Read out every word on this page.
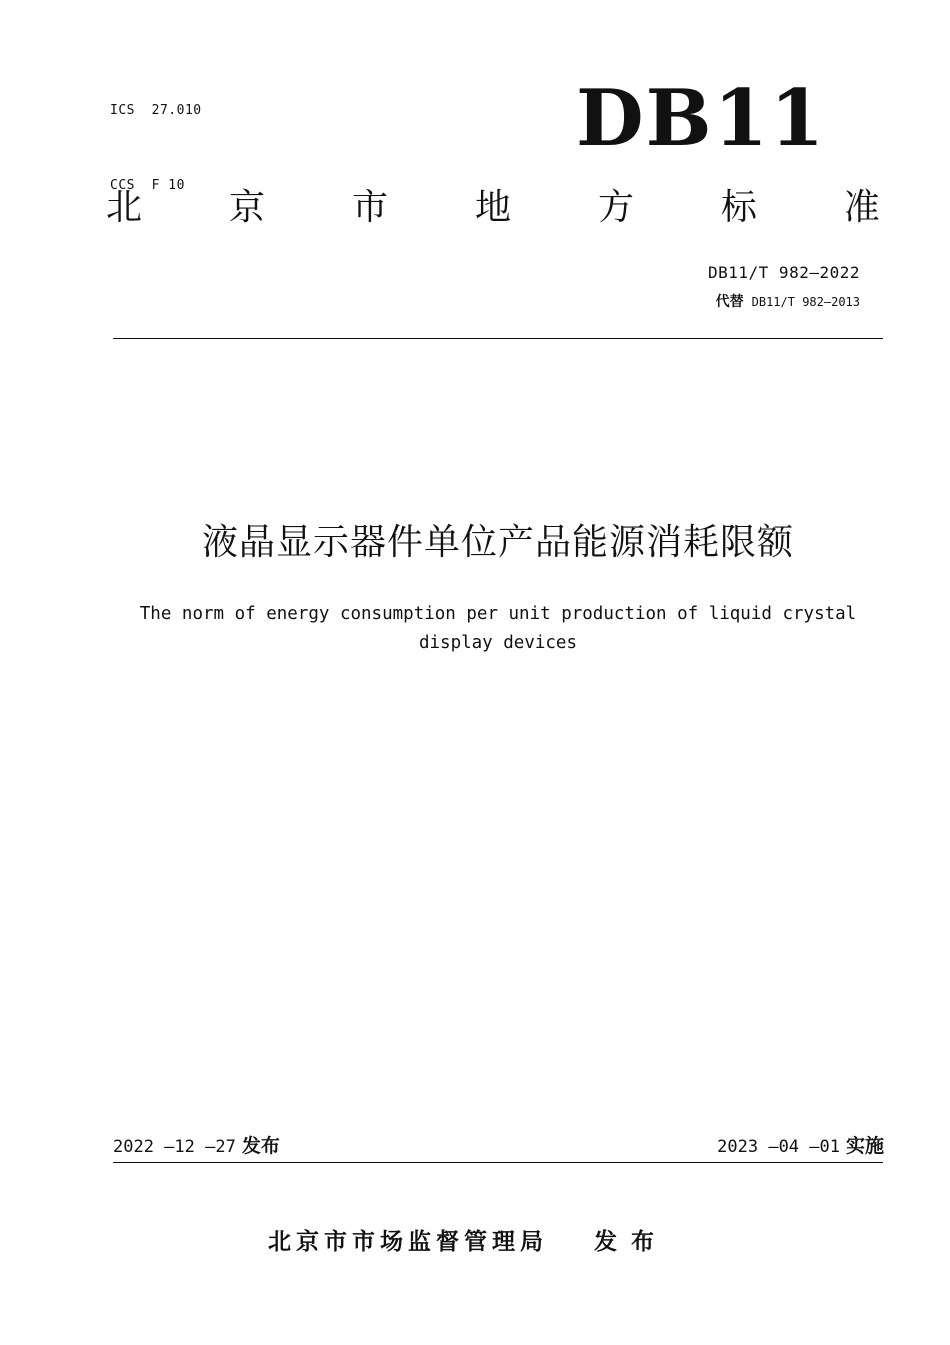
ICS  27.010

CCS  F 10

DB11
北 京 市 地 方 标 准
DB11/T 982—2022
代替 DB11/T 982—2013
液晶显示器件单位产品能源消耗限额
The norm of energy consumption per unit production of liquid crystal display devices
2022 —12 —27 发布	2023 —04 —01 实施
北京市市场监督管理局 发布
